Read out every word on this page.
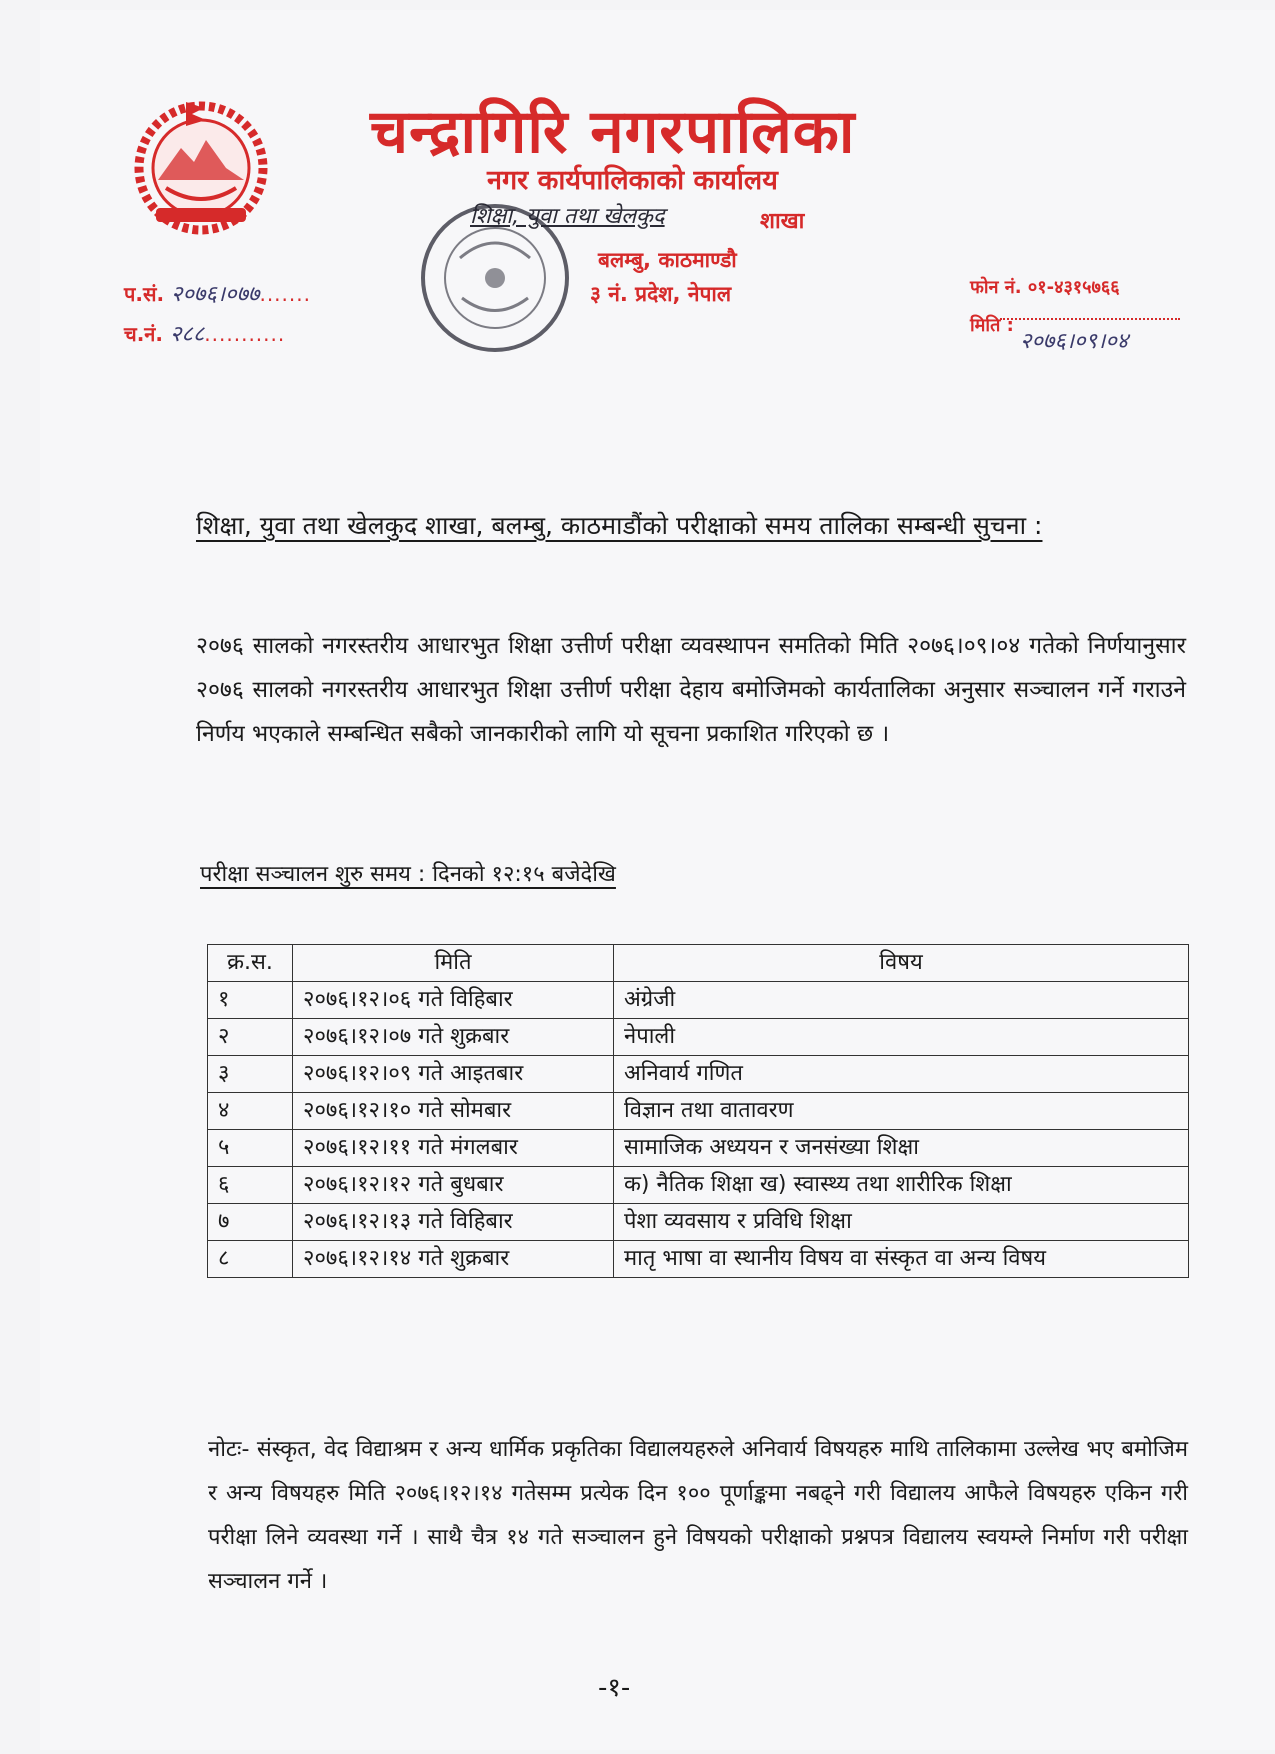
चन्द्रागिरि नगरपालिका
नगर कार्यपालिकाको कार्यालय
शिक्षा, युवा तथा खेलकुद	शाखा
बलम्बु, काठमाण्डौ
३ नं. प्रदेश, नेपाल
प.सं. २०७६।०७७.......
च.नं. २८८...........
फोन नं. ०१-४३१५७६६
मिति :
२०७६।०९।०४
शिक्षा, युवा तथा खेलकुद शाखा, बलम्बु, काठमाडौंको परीक्षाको समय तालिका सम्बन्धी सुचना :
२०७६ सालको नगरस्तरीय आधारभुत शिक्षा उत्तीर्ण परीक्षा व्यवस्थापन समतिको मिति २०७६।०९।०४ गतेको निर्णयानुसार २०७६ सालको नगरस्तरीय आधारभुत शिक्षा उत्तीर्ण परीक्षा देहाय बमोजिमको कार्यतालिका अनुसार सञ्चालन गर्ने गराउने निर्णय भएकाले सम्बन्धित सबैको जानकारीको लागि यो सूचना प्रकाशित गरिएको छ ।
परीक्षा सञ्चालन शुरु समय : दिनको १२:१५ बजेदेखि
क्र.स.	मिति	विषय
१	२०७६।१२।०६ गते विहिबार	अंग्रेजी
२	२०७६।१२।०७ गते शुक्रबार	नेपाली
३	२०७६।१२।०९ गते आइतबार	अनिवार्य गणित
४	२०७६।१२।१० गते सोमबार	विज्ञान तथा वातावरण
५	२०७६।१२।११ गते मंगलबार	सामाजिक अध्ययन र जनसंख्या शिक्षा
६	२०७६।१२।१२ गते बुधबार	क) नैतिक शिक्षा ख) स्वास्थ्य तथा शारीरिक शिक्षा
७	२०७६।१२।१३ गते विहिबार	पेशा व्यवसाय र प्रविधि शिक्षा
८	२०७६।१२।१४ गते शुक्रबार	मातृ भाषा वा स्थानीय विषय वा संस्कृत वा अन्य विषय
नोटः- संस्कृत, वेद विद्याश्रम र अन्य धार्मिक प्रकृतिका विद्यालयहरुले अनिवार्य विषयहरु माथि तालिकामा उल्लेख भए बमोजिम र अन्य विषयहरु मिति २०७६।१२।१४ गतेसम्म प्रत्येक दिन १०० पूर्णाङ्कमा नबढ्ने गरी विद्यालय आफैले विषयहरु एकिन गरी परीक्षा लिने व्यवस्था गर्ने । साथै चैत्र १४ गते सञ्चालन हुने विषयको परीक्षाको प्रश्नपत्र विद्यालय स्वयम्ले निर्माण गरी परीक्षा सञ्चालन गर्ने ।
-१-
